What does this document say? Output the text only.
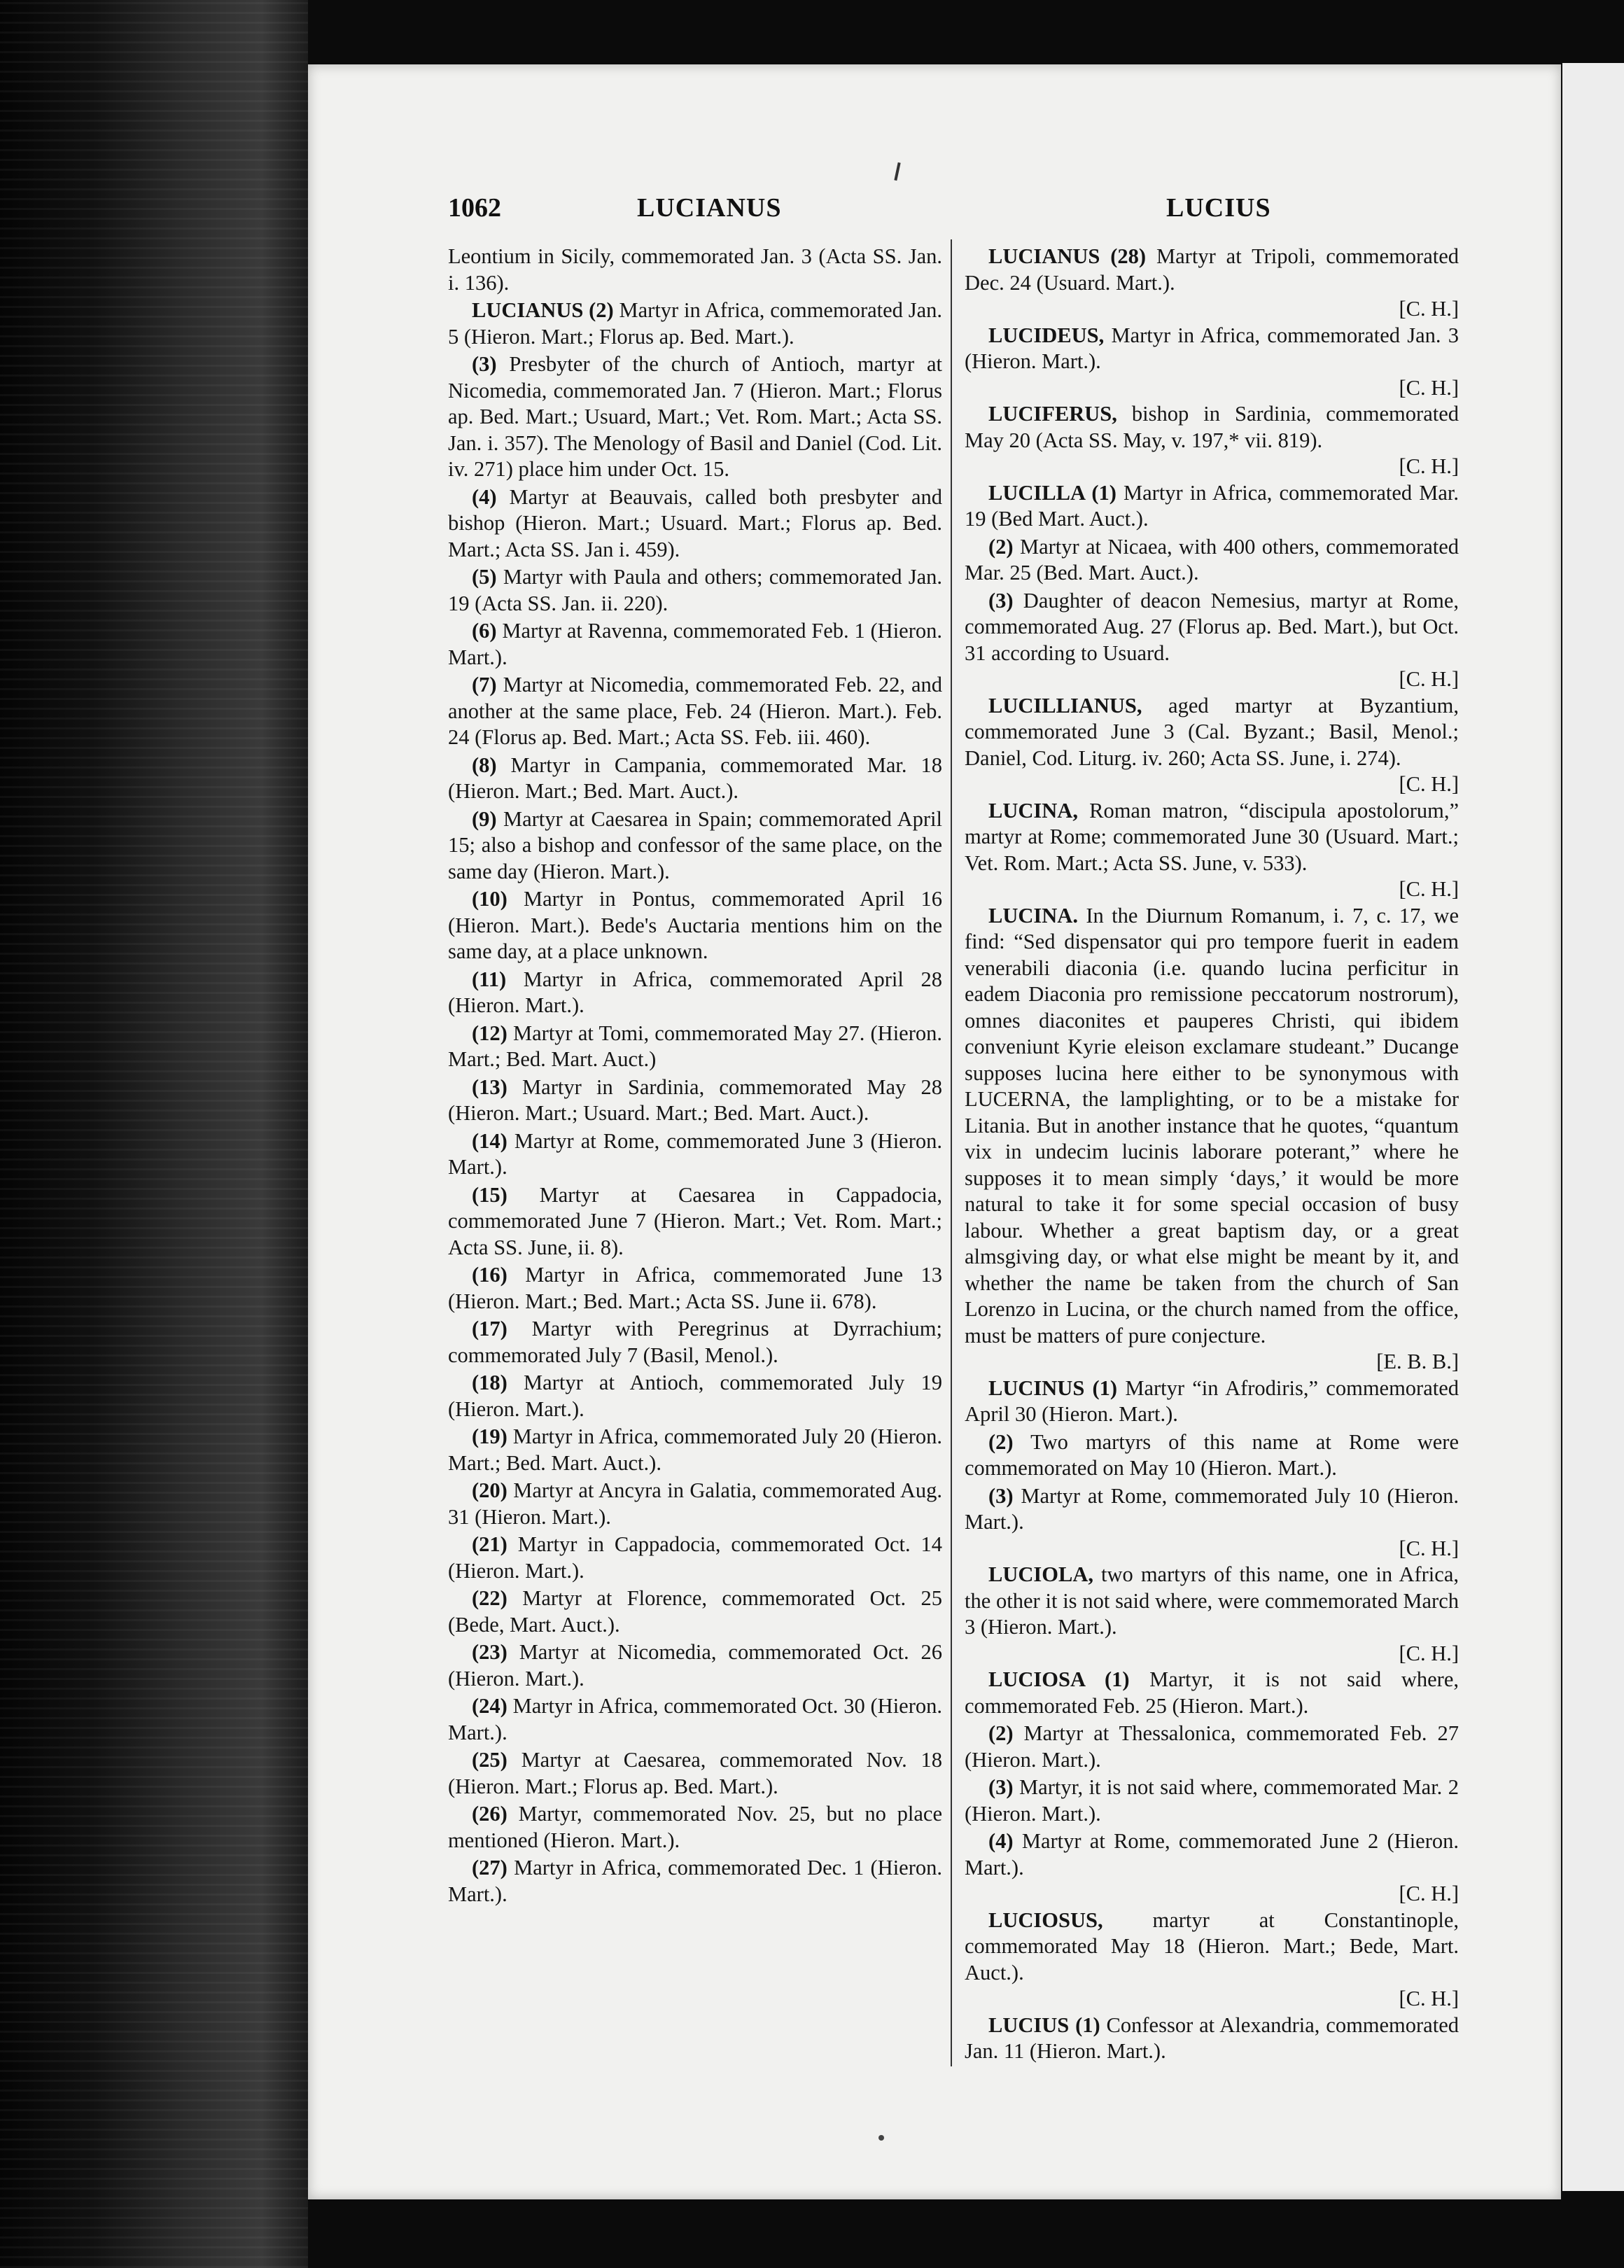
1062	LUCIANUS	LUCIUS

Leontium in Sicily, commemorated Jan. 3 (Acta SS. Jan. i. 136).

LUCIANUS (2) Martyr in Africa, commemorated Jan. 5 (Hieron. Mart.; Florus ap. Bed. Mart.).

(3) Presbyter of the church of Antioch, martyr at Nicomedia, commemorated Jan. 7 (Hieron. Mart.; Florus ap. Bed. Mart.; Usuard, Mart.; Vet. Rom. Mart.; Acta SS. Jan. i. 357). The Menology of Basil and Daniel (Cod. Lit. iv. 271) place him under Oct. 15.

(4) Martyr at Beauvais, called both presbyter and bishop (Hieron. Mart.; Usuard. Mart.; Florus ap. Bed. Mart.; Acta SS. Jan i. 459).

(5) Martyr with Paula and others; commemorated Jan. 19 (Acta SS. Jan. ii. 220).

(6) Martyr at Ravenna, commemorated Feb. 1 (Hieron. Mart.).

(7) Martyr at Nicomedia, commemorated Feb. 22, and another at the same place, Feb. 24 (Hieron. Mart.). Feb. 24 (Florus ap. Bed. Mart.; Acta SS. Feb. iii. 460).

(8) Martyr in Campania, commemorated Mar. 18 (Hieron. Mart.; Bed. Mart. Auct.).

(9) Martyr at Caesarea in Spain; commemorated April 15; also a bishop and confessor of the same place, on the same day (Hieron. Mart.).

(10) Martyr in Pontus, commemorated April 16 (Hieron. Mart.). Bede's Auctaria mentions him on the same day, at a place unknown.

(11) Martyr in Africa, commemorated April 28 (Hieron. Mart.).

(12) Martyr at Tomi, commemorated May 27. (Hieron. Mart.; Bed. Mart. Auct.)

(13) Martyr in Sardinia, commemorated May 28 (Hieron. Mart.; Usuard. Mart.; Bed. Mart. Auct.).

(14) Martyr at Rome, commemorated June 3 (Hieron. Mart.).

(15) Martyr at Caesarea in Cappadocia, commemorated June 7 (Hieron. Mart.; Vet. Rom. Mart.; Acta SS. June, ii. 8).

(16) Martyr in Africa, commemorated June 13 (Hieron. Mart.; Bed. Mart.; Acta SS. June ii. 678).

(17) Martyr with Peregrinus at Dyrrachium; commemorated July 7 (Basil, Menol.).

(18) Martyr at Antioch, commemorated July 19 (Hieron. Mart.).

(19) Martyr in Africa, commemorated July 20 (Hieron. Mart.; Bed. Mart. Auct.).

(20) Martyr at Ancyra in Galatia, commemorated Aug. 31 (Hieron. Mart.).

(21) Martyr in Cappadocia, commemorated Oct. 14 (Hieron. Mart.).

(22) Martyr at Florence, commemorated Oct. 25 (Bede, Mart. Auct.).

(23) Martyr at Nicomedia, commemorated Oct. 26 (Hieron. Mart.).

(24) Martyr in Africa, commemorated Oct. 30 (Hieron. Mart.).

(25) Martyr at Caesarea, commemorated Nov. 18 (Hieron. Mart.; Florus ap. Bed. Mart.).

(26) Martyr, commemorated Nov. 25, but no place mentioned (Hieron. Mart.).

(27) Martyr in Africa, commemorated Dec. 1 (Hieron. Mart.).

LUCIANUS (28) Martyr at Tripoli, commemorated Dec. 24 (Usuard. Mart.).

[C. H.]

LUCIDEUS, Martyr in Africa, commemorated Jan. 3 (Hieron. Mart.).

[C. H.]

LUCIFERUS, bishop in Sardinia, commemorated May 20 (Acta SS. May, v. 197,* vii. 819).

[C. H.]

LUCILLA (1) Martyr in Africa, commemorated Mar. 19 (Bed Mart. Auct.).

(2) Martyr at Nicaea, with 400 others, commemorated Mar. 25 (Bed. Mart. Auct.).

(3) Daughter of deacon Nemesius, martyr at Rome, commemorated Aug. 27 (Florus ap. Bed. Mart.), but Oct. 31 according to Usuard.

[C. H.]

LUCILLIANUS, aged martyr at Byzantium, commemorated June 3 (Cal. Byzant.; Basil, Menol.; Daniel, Cod. Liturg. iv. 260; Acta SS. June, i. 274).

[C. H.]

LUCINA, Roman matron, “discipula apostolorum,” martyr at Rome; commemorated June 30 (Usuard. Mart.; Vet. Rom. Mart.; Acta SS. June, v. 533).

[C. H.]

LUCINA. In the Diurnum Romanum, i. 7, c. 17, we find: “Sed dispensator qui pro tempore fuerit in eadem venerabili diaconia (i.e. quando lucina perficitur in eadem Diaconia pro remissione peccatorum nostrorum), omnes diaconites et pauperes Christi, qui ibidem conveniunt Kyrie eleison exclamare studeant.” Ducange supposes lucina here either to be synonymous with LUCERNA, the lamplighting, or to be a mistake for Litania. But in another instance that he quotes, “quantum vix in undecim lucinis laborare poterant,” where he supposes it to mean simply ‘days,’ it would be more natural to take it for some special occasion of busy labour. Whether a great baptism day, or a great almsgiving day, or what else might be meant by it, and whether the name be taken from the church of San Lorenzo in Lucina, or the church named from the office, must be matters of pure conjecture.

[E. B. B.]

LUCINUS (1) Martyr “in Afrodiris,” commemorated April 30 (Hieron. Mart.).

(2) Two martyrs of this name at Rome were commemorated on May 10 (Hieron. Mart.).

(3) Martyr at Rome, commemorated July 10 (Hieron. Mart.).

[C. H.]

LUCIOLA, two martyrs of this name, one in Africa, the other it is not said where, were commemorated March 3 (Hieron. Mart.).

[C. H.]

LUCIOSA (1) Martyr, it is not said where, commemorated Feb. 25 (Hieron. Mart.).

(2) Martyr at Thessalonica, commemorated Feb. 27 (Hieron. Mart.).

(3) Martyr, it is not said where, commemorated Mar. 2 (Hieron. Mart.).

(4) Martyr at Rome, commemorated June 2 (Hieron. Mart.).

[C. H.]

LUCIOSUS, martyr at Constantinople, commemorated May 18 (Hieron. Mart.; Bede, Mart. Auct.).

[C. H.]

LUCIUS (1) Confessor at Alexandria, commemorated Jan. 11 (Hieron. Mart.).
